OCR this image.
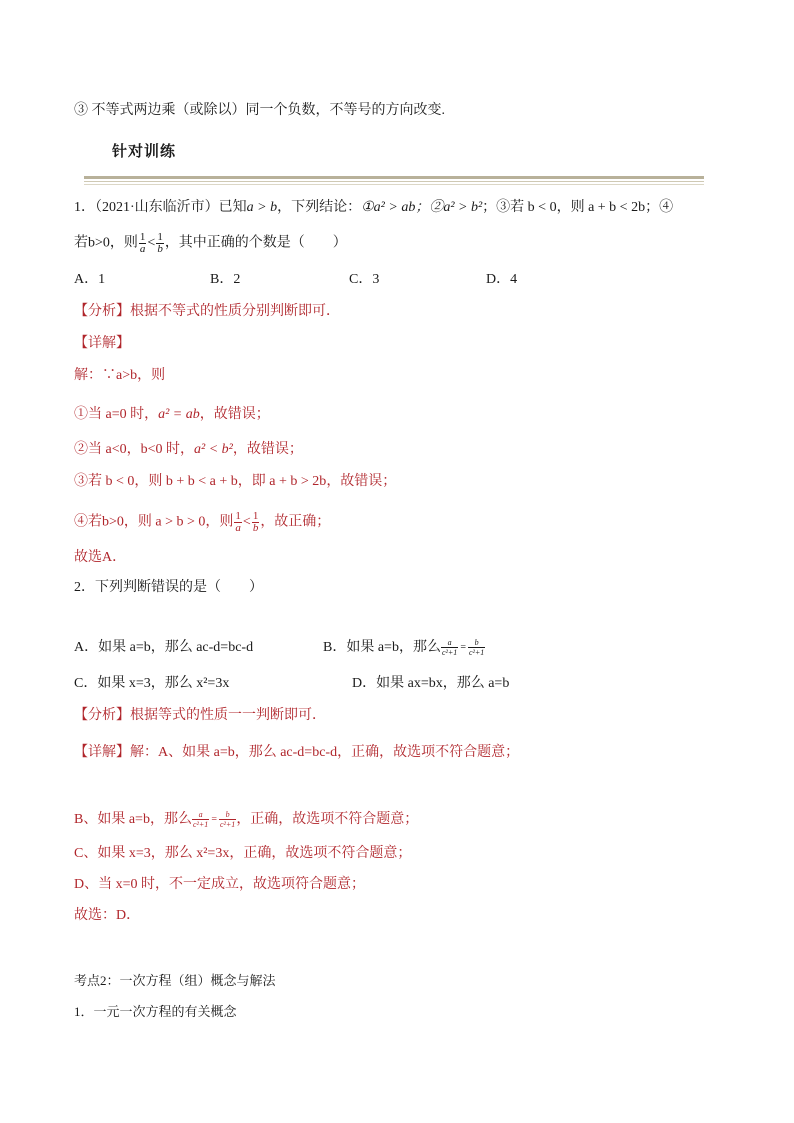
③ 不等式两边乘（或除以）同一个负数，不等号的方向改变.
针对训练
1．（2021·山东临沂市）已知a > b，下列结论：①a² > ab；②a² > b²；③若 b < 0，则 a + b < 2b；④
若b>0，则 $\frac{1}{a} < \frac{1}{b}$ ，其中正确的个数是（　　）
A．1	B．2	C．3	D．4
【分析】根据不等式的性质分别判断即可．
【详解】
解：∵a>b，则
①当 a=0 时，a² = ab，故错误；
②当 a<0，b<0 时，a² < b²，故错误；
③若 b < 0，则 b + b < a + b，即 a + b > 2b，故错误；
④若b>0，则 a > b > 0，则 $\frac{1}{a} < \frac{1}{b}$ ，故正确；
故选A．
2．下列判断错误的是（　　）
A．如果 a=b，那么 ac-d=bc-d	B．如果 a=b，那么 $\frac{a}{\text{c²+1}} = \frac{b}{\text{c²+1}}$
C．如果 x=3，那么 x²=3x	D．如果 ax=bx，那么 a=b
【分析】根据等式的性质一一判断即可．
【详解】解：A、如果 a=b，那么 ac-d=bc-d，正确，故选项不符合题意；
B、如果 a=b，那么 $\frac{a}{\text{c²+1}} = \frac{b}{\text{c²+1}}$ ，正确，故选项不符合题意；
C、如果 x=3，那么 x²=3x，正确，故选项不符合题意；
D、当 x=0 时，不一定成立，故选项符合题意；
故选：D．
考点2：一次方程（组）概念与解法
1．一元一次方程的有关概念
